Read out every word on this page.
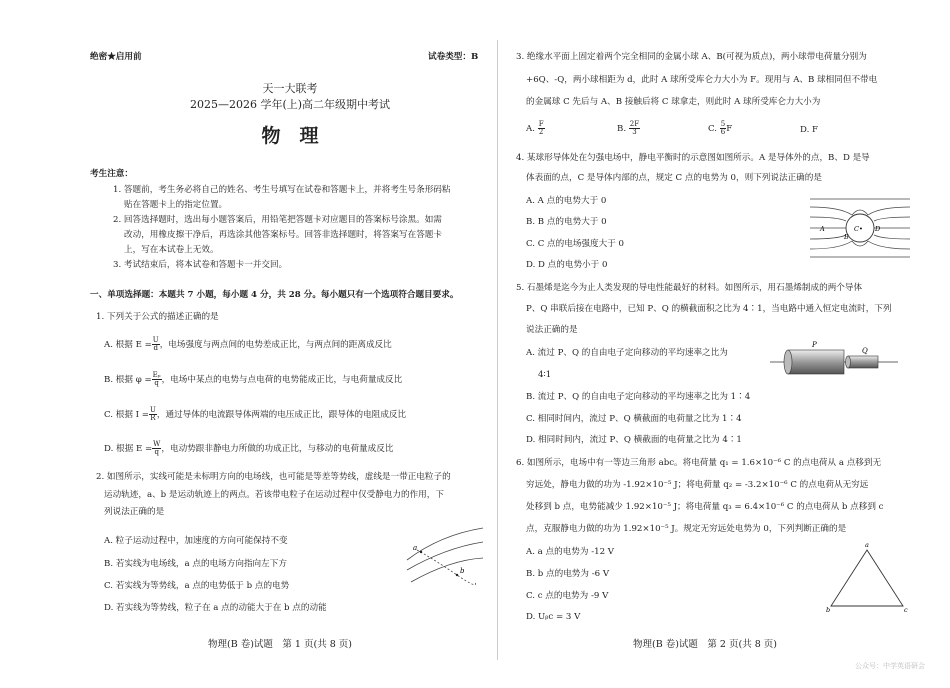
绝密★启用前	试卷类型：B
天一大联考
2025—2026 学年(上)高二年级期中考试
物　理
考生注意：
1. 答题前，考生务必将自己的姓名、考生号填写在试卷和答题卡上，并将考生号条形码粘
贴在答题卡上的指定位置。
2. 回答选择题时，选出每小题答案后，用铅笔把答题卡对应题目的答案标号涂黑。如需
改动，用橡皮擦干净后，再选涂其他答案标号。回答非选择题时，将答案写在答题卡
上，写在本试卷上无效。
3. 考试结束后，将本试卷和答题卡一并交回。
一、单项选择题：本题共 7 小题，每小题 4 分，共 28 分。每小题只有一个选项符合题目要求。
1. 下列关于公式的描述正确的是
A. 根据 $E = \frac{U}{d}$ ，电场强度与两点间的电势差成正比，与两点间的距离成反比
B. 根据 $\varphi = \frac{\text{Eₚ}}{q}$ ，电场中某点的电势与点电荷的电势能成正比，与电荷量成反比
C. 根据 $I = \frac{U}{R}$ ，通过导体的电流跟导体两端的电压成正比，跟导体的电阻成反比
D. 根据 $E = \frac{W}{q}$ ，电动势跟非静电力所做的功成正比，与移动的电荷量成反比
2. 如图所示，实线可能是未标明方向的电场线，也可能是等差等势线，虚线是一带正电粒子的
运动轨迹，a、b 是运动轨迹上的两点。若该带电粒子在运动过程中仅受静电力的作用，下
列说法正确的是
A. 粒子运动过程中，加速度的方向可能保持不变
B. 若实线为电场线，a 点的电场方向指向左下方
C. 若实线为等势线，a 点的电势低于 b 点的电势
D. 若实线为等势线，粒子在 a 点的动能大于在 b 点的动能
a
b
物理(B 卷)试题　第 1 页(共 8 页)
3. 绝缘水平面上固定着两个完全相同的金属小球 A、B(可视为质点)，两小球带电荷量分别为
+6Q、-Q，两小球相距为 d，此时 A 球所受库仑力大小为 F。现用与 A、B 球相同但不带电
的金属球 C 先后与 A、B 接触后将 C 球拿走，则此时 A 球所受库仑力大小为
A. $\frac{F}{2}$	B. $\frac{2F}{3}$	C. $\frac{5}{6}$ F	D. F
4. 某球形导体处在匀强电场中，静电平衡时的示意图如图所示。A 是导体外的点，B、D 是导
体表面的点，C 是导体内部的点，规定 C 点的电势为 0，则下列说法正确的是
A. A 点的电势大于 0
B. B 点的电势大于 0
C. C 点的电场强度大于 0
D. D 点的电势小于 0
A
B
C• D
5. 石墨烯是迄今为止人类发现的导电性能最好的材料。如图所示，用石墨烯制成的两个导体
P、Q 串联后接在电路中，已知 P、Q 的横截面积之比为 4∶1，当电路中通入恒定电流时，下列
说法正确的是
A. 流过 P、Q 的自由电子定向移动的平均速率之比为
4∶1
B. 流过 P、Q 的自由电子定向移动的平均速率之比为 1∶4
C. 相同时间内，流过 P、Q 横截面的电荷量之比为 1∶4
D. 相同时间内，流过 P、Q 横截面的电荷量之比为 4∶1
P
Q
6. 如图所示，电场中有一等边三角形 abc。将电荷量 q₁ = 1.6×10⁻⁶ C 的点电荷从 a 点移到无
穷远处，静电力做的功为 -1.92×10⁻⁵ J；将电荷量 q₂ = -3.2×10⁻⁶ C 的点电荷从无穷远
处移到 b 点，电势能减少 1.92×10⁻⁵ J；将电荷量 q₃ = 6.4×10⁻⁶ C 的点电荷从 b 点移到 c
点，克服静电力做的功为 1.92×10⁻⁵ J。规定无穷远处电势为 0，下列判断正确的是
A. a 点的电势为 -12 V
B. b 点的电势为 -6 V
C. c 点的电势为 -9 V
D. Uᵦc = 3 V
a
b	c
物理(B 卷)试题　第 2 页(共 8 页)
公众号：中学英语研会
